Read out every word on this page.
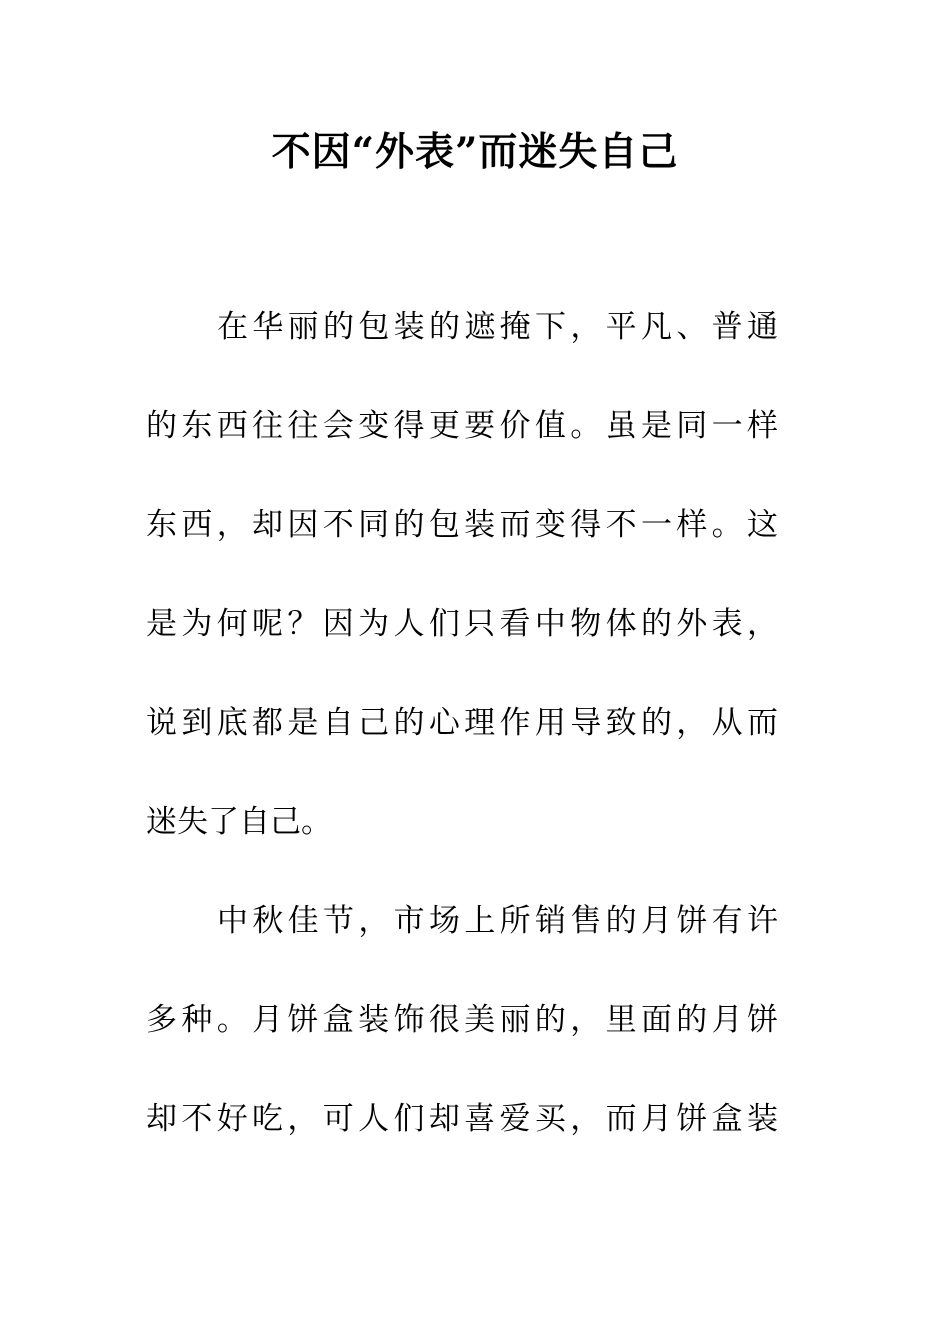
不因“外表”而迷失自己
在华丽的包装的遮掩下，平凡、普通
的东西往往会变得更要价值。虽是同一样
东西，却因不同的包装而变得不一样。这
是为何呢？因为人们只看中物体的外表，
说到底都是自己的心理作用导致的，从而
迷失了自己。
中秋佳节，市场上所销售的月饼有许
多种。月饼盒装饰很美丽的，里面的月饼
却不好吃，可人们却喜爱买，而月饼盒装
